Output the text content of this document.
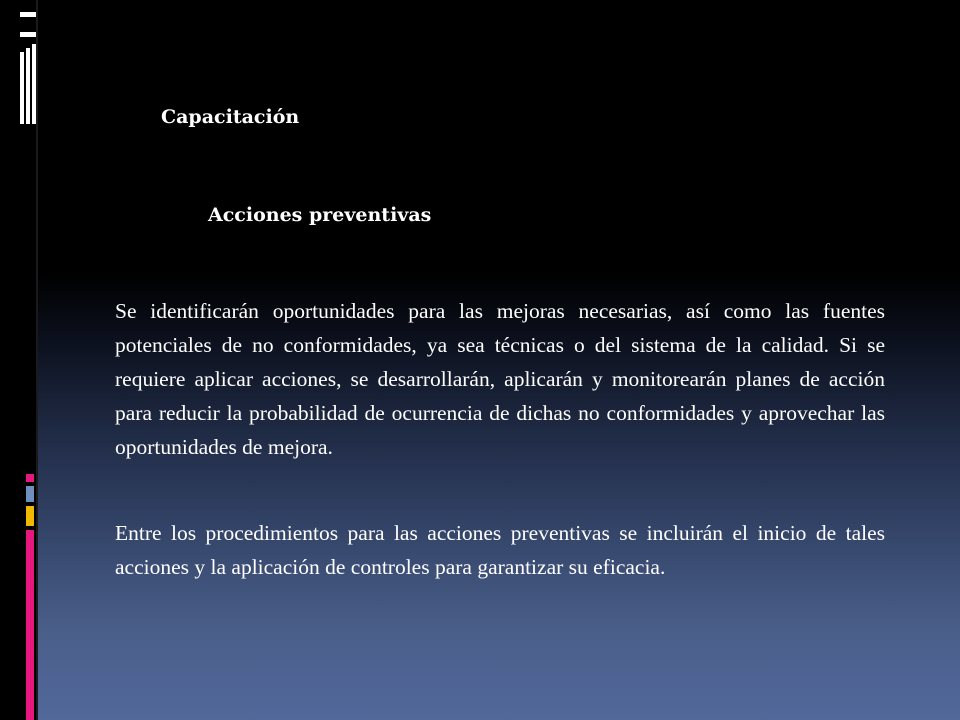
Capacitación
Acciones preventivas

Se identificarán oportunidades para las mejoras necesarias, así como las fuentes potenciales de no conformidades, ya sea técnicas o del sistema de la calidad. Si se requiere aplicar acciones, se desarrollarán, aplicarán y monitorearán planes de acción para reducir la probabilidad de ocurrencia de dichas no conformidades y aprovechar las oportunidades de mejora.

Entre los procedimientos para las acciones preventivas se incluirán el inicio de tales acciones y la aplicación de controles para garantizar su eficacia.
